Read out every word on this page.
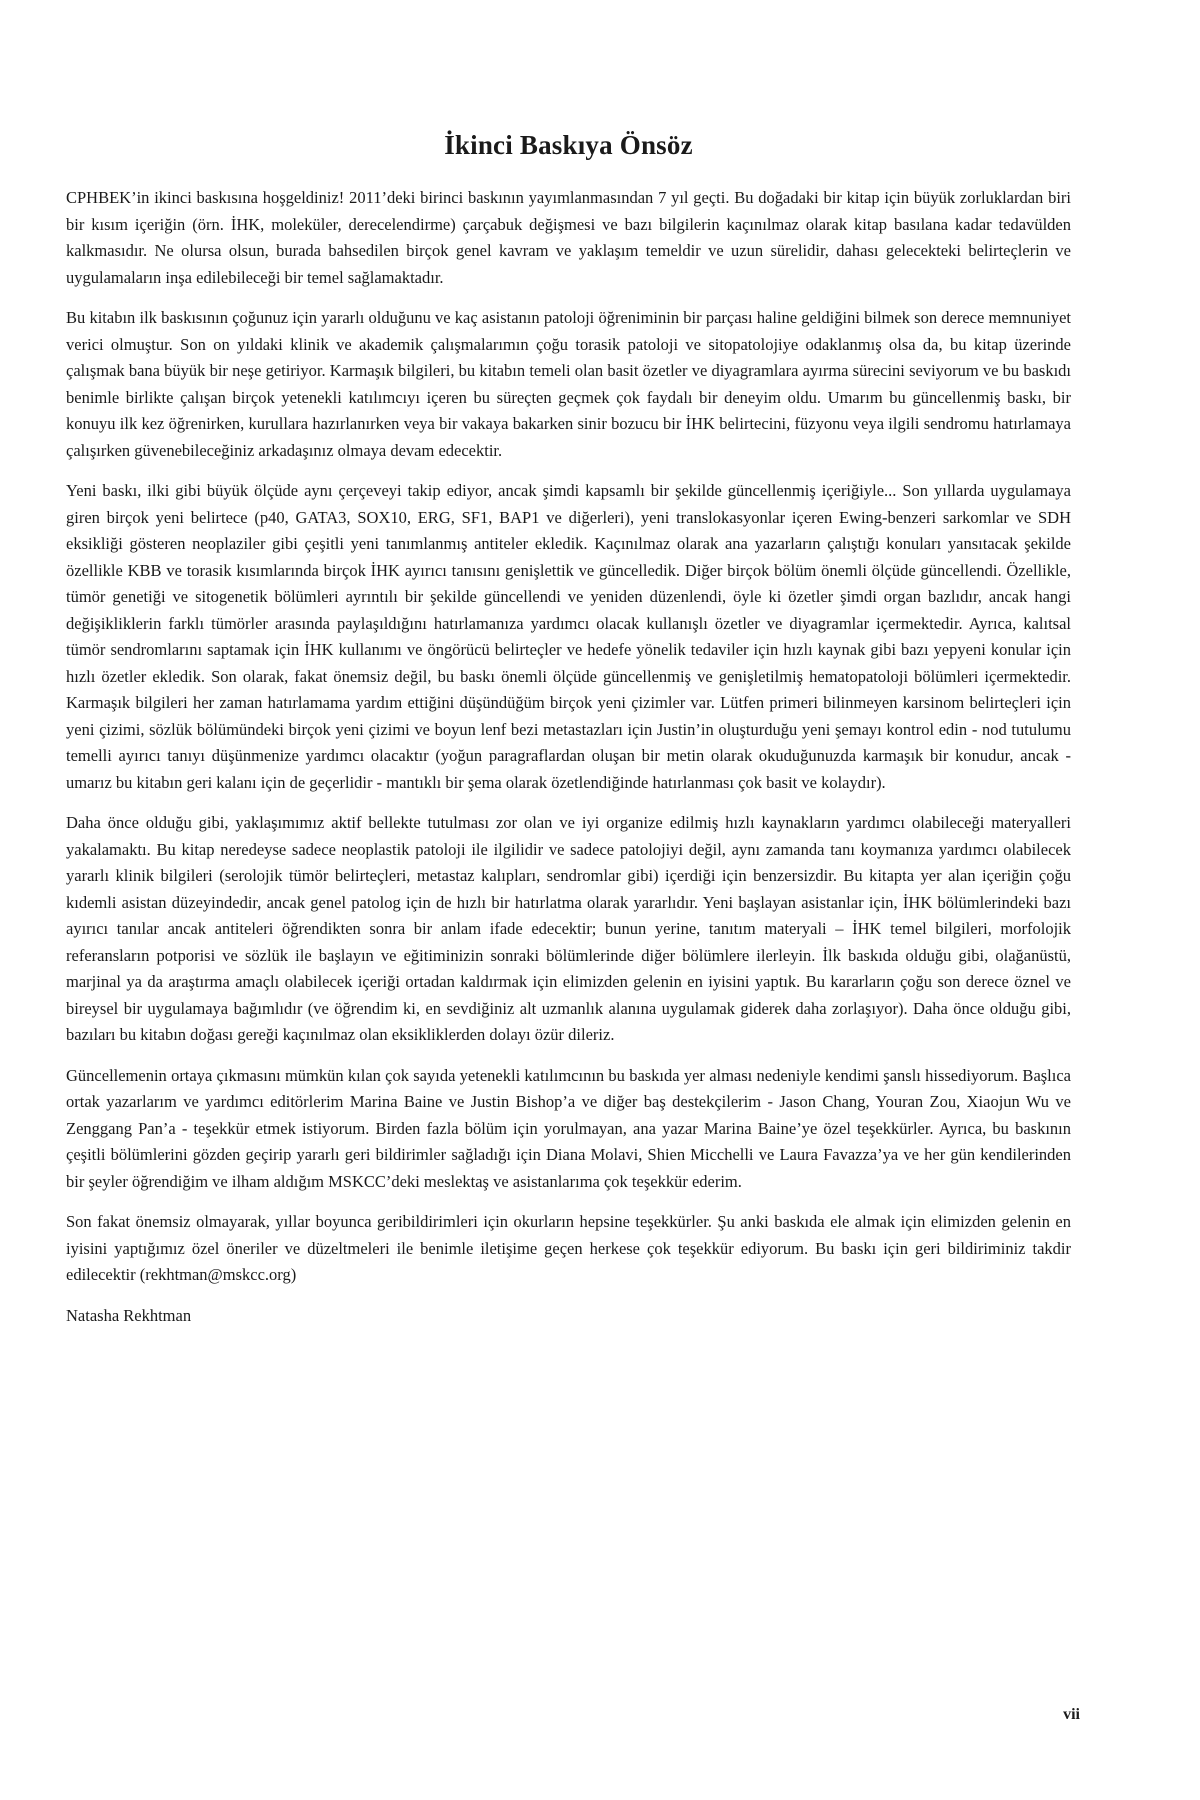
İkinci Baskıya Önsöz

CPHBEK’in ikinci baskısına hoşgeldiniz! 2011’deki birinci baskının yayımlanmasından 7 yıl geçti. Bu doğadaki bir kitap için büyük zorluklardan biri bir kısım içeriğin (örn. İHK, moleküler, derecelendirme) çarçabuk değişmesi ve bazı bilgilerin kaçınılmaz olarak kitap basılana kadar tedavülden kalkmasıdır. Ne olursa olsun, burada bahsedilen birçok genel kavram ve yaklaşım temeldir ve uzun sürelidir, dahası gelecekteki belirteçlerin ve uygulamaların inşa edilebileceği bir temel sağlamaktadır.

Bu kitabın ilk baskısının çoğunuz için yararlı olduğunu ve kaç asistanın patoloji öğreniminin bir parçası haline geldiğini bilmek son derece memnuniyet verici olmuştur. Son on yıldaki klinik ve akademik çalışmalarımın çoğu torasik patoloji ve sitopatolojiye odaklanmış olsa da, bu kitap üzerinde çalışmak bana büyük bir neşe getiriyor. Karmaşık bilgileri, bu kitabın temeli olan basit özetler ve diyagramlara ayırma sürecini seviyorum ve bu baskıdı benimle birlikte çalışan birçok yetenekli katılımcıyı içeren bu süreçten geçmek çok faydalı bir deneyim oldu. Umarım bu güncellenmiş baskı, bir konuyu ilk kez öğrenirken, kurullara hazırlanırken veya bir vakaya bakarken sinir bozucu bir İHK belirtecini, füzyonu veya ilgili sendromu hatırlamaya çalışırken güvenebileceğiniz arkadaşınız olmaya devam edecektir.

Yeni baskı, ilki gibi büyük ölçüde aynı çerçeveyi takip ediyor, ancak şimdi kapsamlı bir şekilde güncellenmiş içeriğiyle... Son yıllarda uygulamaya giren birçok yeni belirtece (p40, GATA3, SOX10, ERG, SF1, BAP1 ve diğerleri), yeni translokasyonlar içeren Ewing-benzeri sarkomlar ve SDH eksikliği gösteren neoplaziler gibi çeşitli yeni tanımlanmış antiteler ekledik. Kaçınılmaz olarak ana yazarların çalıştığı konuları yansıtacak şekilde özellikle KBB ve torasik kısımlarında birçok İHK ayırıcı tanısını genişlettik ve güncelledik. Diğer birçok bölüm önemli ölçüde güncellendi. Özellikle, tümör genetiği ve sitogenetik bölümleri ayrıntılı bir şekilde güncellendi ve yeniden düzenlendi, öyle ki özetler şimdi organ bazlıdır, ancak hangi değişikliklerin farklı tümörler arasında paylaşıldığını hatırlamanıza yardımcı olacak kullanışlı özetler ve diyagramlar içermektedir. Ayrıca, kalıtsal tümör sendromlarını saptamak için İHK kullanımı ve öngörücü belirteçler ve hedefe yönelik tedaviler için hızlı kaynak gibi bazı yepyeni konular için hızlı özetler ekledik. Son olarak, fakat önemsiz değil, bu baskı önemli ölçüde güncellenmiş ve genişletilmiş hematopatoloji bölümleri içermektedir. Karmaşık bilgileri her zaman hatırlamama yardım ettiğini düşündüğüm birçok yeni çizimler var. Lütfen primeri bilinmeyen karsinom belirteçleri için yeni çizimi, sözlük bölümündeki birçok yeni çizimi ve boyun lenf bezi metastazları için Justin’in oluşturduğu yeni şemayı kontrol edin - nod tutulumu temelli ayırıcı tanıyı düşünmenize yardımcı olacaktır (yoğun paragraflardan oluşan bir metin olarak okuduğunuzda karmaşık bir konudur, ancak - umarız bu kitabın geri kalanı için de geçerlidir - mantıklı bir şema olarak özetlendiğinde hatırlanması çok basit ve kolaydır).

Daha önce olduğu gibi, yaklaşımımız aktif bellekte tutulması zor olan ve iyi organize edilmiş hızlı kaynakların yardımcı olabileceği materyalleri yakalamaktı. Bu kitap neredeyse sadece neoplastik patoloji ile ilgilidir ve sadece patolojiyi değil, aynı zamanda tanı koymanıza yardımcı olabilecek yararlı klinik bilgileri (serolojik tümör belirteçleri, metastaz kalıpları, sendromlar gibi) içerdiği için benzersizdir. Bu kitapta yer alan içeriğin çoğu kıdemli asistan düzeyindedir, ancak genel patolog için de hızlı bir hatırlatma olarak yararlıdır. Yeni başlayan asistanlar için, İHK bölümlerindeki bazı ayırıcı tanılar ancak antiteleri öğrendikten sonra bir anlam ifade edecektir; bunun yerine, tanıtım materyali – İHK temel bilgileri, morfolojik referansların potporisi ve sözlük ile başlayın ve eğitiminizin sonraki bölümlerinde diğer bölümlere ilerleyin. İlk baskıda olduğu gibi, olağanüstü, marjinal ya da araştırma amaçlı olabilecek içeriği ortadan kaldırmak için elimizden gelenin en iyisini yaptık. Bu kararların çoğu son derece öznel ve bireysel bir uygulamaya bağımlıdır (ve öğrendim ki, en sevdiğiniz alt uzmanlık alanına uygulamak giderek daha zorlaşıyor). Daha önce olduğu gibi, bazıları bu kitabın doğası gereği kaçınılmaz olan eksikliklerden dolayı özür dileriz.

Güncellemenin ortaya çıkmasını mümkün kılan çok sayıda yetenekli katılımcının bu baskıda yer alması nedeniyle kendimi şanslı hissediyorum. Başlıca ortak yazarlarım ve yardımcı editörlerim Marina Baine ve Justin Bishop’a ve diğer baş destekçilerim - Jason Chang, Youran Zou, Xiaojun Wu ve Zenggang Pan’a - teşekkür etmek istiyorum. Birden fazla bölüm için yorulmayan, ana yazar Marina Baine’ye özel teşekkürler. Ayrıca, bu baskının çeşitli bölümlerini gözden geçirip yararlı geri bildirimler sağladığı için Diana Molavi, Shien Micchelli ve Laura Favazza’ya ve her gün kendilerinden bir şeyler öğrendiğim ve ilham aldığım MSKCC’deki meslektaş ve asistanlarıma çok teşekkür ederim.

Son fakat önemsiz olmayarak, yıllar boyunca geribildirimleri için okurların hepsine teşekkürler. Şu anki baskıda ele almak için elimizden gelenin en iyisini yaptığımız özel öneriler ve düzeltmeleri ile benimle iletişime geçen herkese çok teşekkür ediyorum. Bu baskı için geri bildiriminiz takdir edilecektir (rekhtman@mskcc.org)

Natasha Rekhtman

vii
